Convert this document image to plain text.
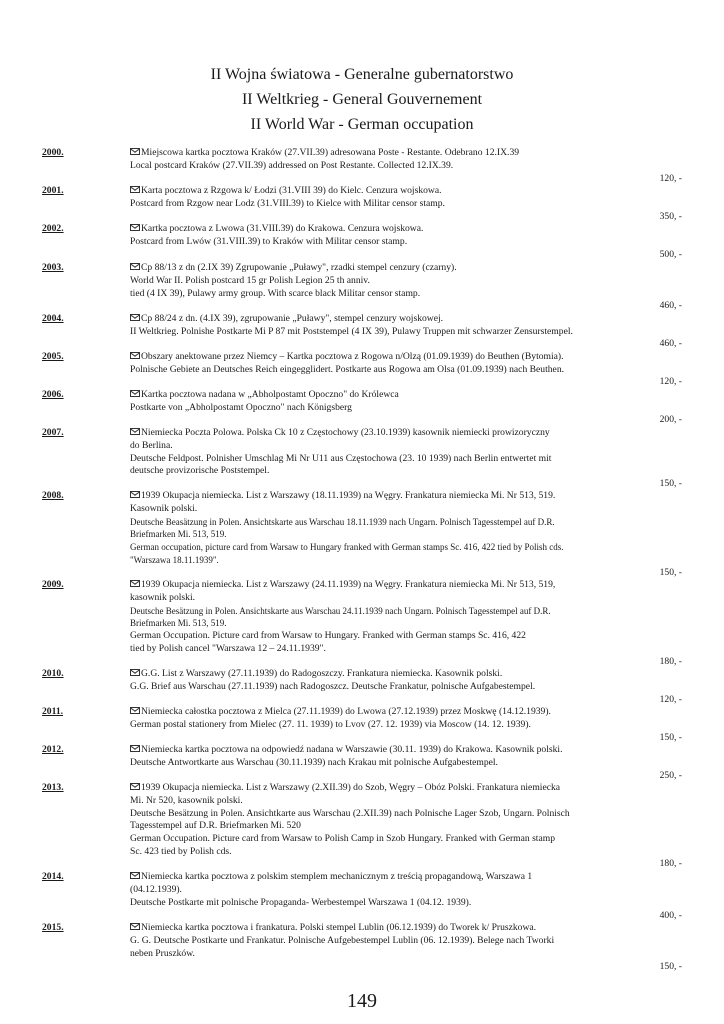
II Wojna światowa - Generalne gubernatorstwo
II Weltkrieg - General Gouvernement
II World War - German occupation
2000.	Miejscowa kartka pocztowa Kraków (27.VII.39) adresowana Poste - Restante. Odebrano 12.IX.39
Local postcard Kraków (27.VII.39) addressed on Post Restante. Collected 12.IX.39.
120, -
2001.	Karta pocztowa z Rzgowa k/ Łodzi (31.VIII 39) do Kielc. Cenzura wojskowa.
Postcard from Rzgow near Lodz (31.VIII.39) to Kielce with Militar censor stamp.
350, -
2002.	Kartka pocztowa z Lwowa (31.VIII.39) do Krakowa. Cenzura wojskowa.
Postcard from Lwów (31.VIII.39) to Kraków with Militar censor stamp.
500, -
2003.	Cp 88/13 z dn (2.IX 39) Zgrupowanie „Puławy", rzadki stempel cenzury (czarny).
World War II. Polish postcard 15 gr Polish Legion 25 th anniv.
tied (4 IX 39), Pulawy army group. With scarce black Militar censor stamp.
460, -
2004.	Cp 88/24 z dn. (4.IX 39), zgrupowanie „Puławy", stempel cenzury wojskowej.
II Weltkrieg. Polnishe Postkarte Mi P 87 mit Poststempel (4 IX 39), Pulawy Truppen mit schwarzer Zensurstempel.
460, -
2005.	Obszary anektowane przez Niemcy – Kartka pocztowa z Rogowa n/Olzą (01.09.1939) do Beuthen (Bytomia).
Polnische Gebiete an Deutsches Reich eingegglidert. Postkarte aus Rogowa am Olsa (01.09.1939) nach Beuthen.
120, -
2006.	Kartka pocztowa nadana w „Abholpostamt Opoczno" do Królewca
Postkarte von „Abholpostamt Opoczno" nach Königsberg
200, -
2007.	Niemiecka Poczta Polowa. Polska Ck 10 z Częstochowy (23.10.1939) kasownik niemiecki prowizoryczny
do Berlina.
Deutsche Feldpost. Polnisher Umschlag Mi Nr U11 aus Częstochowa (23. 10 1939) nach Berlin entwertet mit
deutsche provizorische Poststempel.
150, -
2008.	1939 Okupacja niemiecka. List z Warszawy (18.11.1939) na Węgry. Frankatura niemiecka Mi. Nr 513, 519.
Kasownik polski.
Deutsche Beasätzung in Polen. Ansichtskarte aus Warschau 18.11.1939 nach Ungarn. Polnisch Tagesstempel auf D.R.
Briefmarken Mi. 513, 519.
German occupation, picture card from Warsaw to Hungary franked with German stamps Sc. 416, 422 tied by Polish cds.
"Warszawa 18.11.1939".
150, -
2009.	1939 Okupacja niemiecka. List z Warszawy (24.11.1939) na Węgry. Frankatura niemiecka Mi. Nr 513, 519,
kasownik polski.
Deutsche Besätzung in Polen. Ansichtskarte aus Warschau 24.11.1939 nach Ungarn. Polnisch Tagesstempel auf D.R.
Briefmarken Mi. 513, 519.
German Occupation. Picture card from Warsaw to Hungary. Franked with German stamps Sc. 416, 422
tied by Polish cancel "Warszawa 12 – 24.11.1939".
180, -
2010.	G.G. List z Warszawy (27.11.1939) do Radogoszczy. Frankatura niemiecka. Kasownik polski.
G.G. Brief aus Warschau (27.11.1939) nach Radogoszcz. Deutsche Frankatur, polnische Aufgabestempel.
120, -
2011.	Niemiecka całostka pocztowa z Mielca (27.11.1939) do Lwowa (27.12.1939) przez Moskwę (14.12.1939).
German postal stationery from Mielec (27. 11. 1939) to Lvov (27. 12. 1939) via Moscow (14. 12. 1939).
150, -
2012.	Niemiecka kartka pocztowa na odpowiedź nadana w Warszawie (30.11. 1939) do Krakowa. Kasownik polski.
Deutsche Antwortkarte aus Warschau (30.11.1939) nach Krakau mit polnische Aufgabestempel.
250, -
2013.	1939 Okupacja niemiecka. List z Warszawy (2.XII.39) do Szob, Węgry – Obóz Polski. Frankatura niemiecka
Mi. Nr 520, kasownik polski.
Deutsche Besätzung in Polen. Ansichtkarte aus Warschau (2.XII.39) nach Polnische Lager Szob, Ungarn. Polnisch
Tagesstempel auf D.R. Briefmarken Mi. 520
German Occupation. Picture card from Warsaw to Polish Camp in Szob Hungary. Franked with German stamp
Sc. 423 tied by Polish cds.
180, -
2014.	Niemiecka kartka pocztowa z polskim stemplem mechanicznym z treścią propagandową, Warszawa 1
(04.12.1939).
Deutsche Postkarte mit polnische Propaganda- Werbestempel Warszawa 1 (04.12. 1939).
400, -
2015.	Niemiecka kartka pocztowa i frankatura. Polski stempel Lublin (06.12.1939) do Tworek k/ Pruszkowa.
G. G. Deutsche Postkarte und Frankatur. Polnische Aufgebestempel Lublin (06. 12.1939). Belege nach Tworki
neben Pruszków.
150, -
149
